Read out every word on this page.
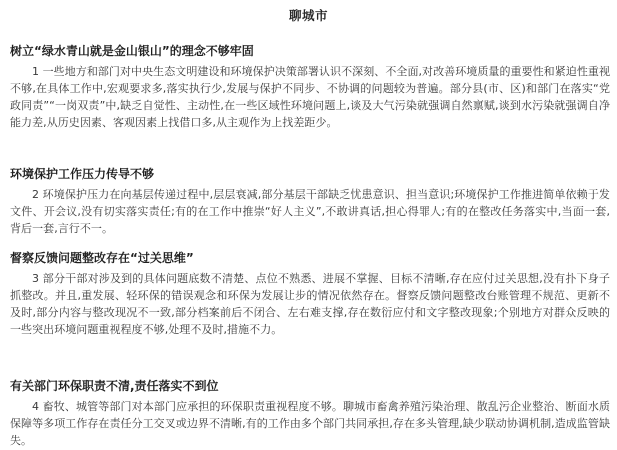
聊城市
树立“绿水青山就是金山银山”的理念不够牢固
1 一些地方和部门对中央生态文明建设和环境保护决策部署认识不深刻、不全面,对改善环境质量的重要性和紧迫性重视不够,在具体工作中,宏观要求多,落实执行少,发展与保护不同步、不协调的问题较为普遍。部分县(市、区)和部门在落实“党政同责”“一岗双责”中,缺乏自觉性、主动性,在一些区域性环境问题上,谈及大气污染就强调自然禀赋,谈到水污染就强调自净能力差,从历史因素、客观因素上找借口多,从主观作为上找差距少。
环境保护工作压力传导不够
2 环境保护压力在向基层传递过程中,层层衰减,部分基层干部缺乏忧患意识、担当意识;环境保护工作推进简单依赖于发文件、开会议,没有切实落实责任;有的在工作中推崇“好人主义”,不敢讲真话,担心得罪人;有的在整改任务落实中,当面一套,背后一套,言行不一。
督察反馈问题整改存在“过关思维”
3 部分干部对涉及到的具体问题底数不清楚、点位不熟悉、进展不掌握、目标不清晰,存在应付过关思想,没有扑下身子抓整改。并且,重发展、轻环保的错误观念和环保为发展让步的情况依然存在。督察反馈问题整改台账管理不规范、更新不及时,部分内容与整改现况不一致,部分档案前后不闭合、左右难支撑,存在数衍应付和文字整改现象;个别地方对群众反映的一些突出环境问题重视程度不够,处理不及时,措施不力。
有关部门环保职责不清,责任落实不到位
4 畜牧、城管等部门对本部门应承担的环保职责重视程度不够。聊城市畜禽养殖污染治理、散乱污企业整治、断面水质保障等多项工作存在责任分工交叉或边界不清晰,有的工作由多个部门共同承担,存在多头管理,缺少联动协调机制,造成监管缺失。
